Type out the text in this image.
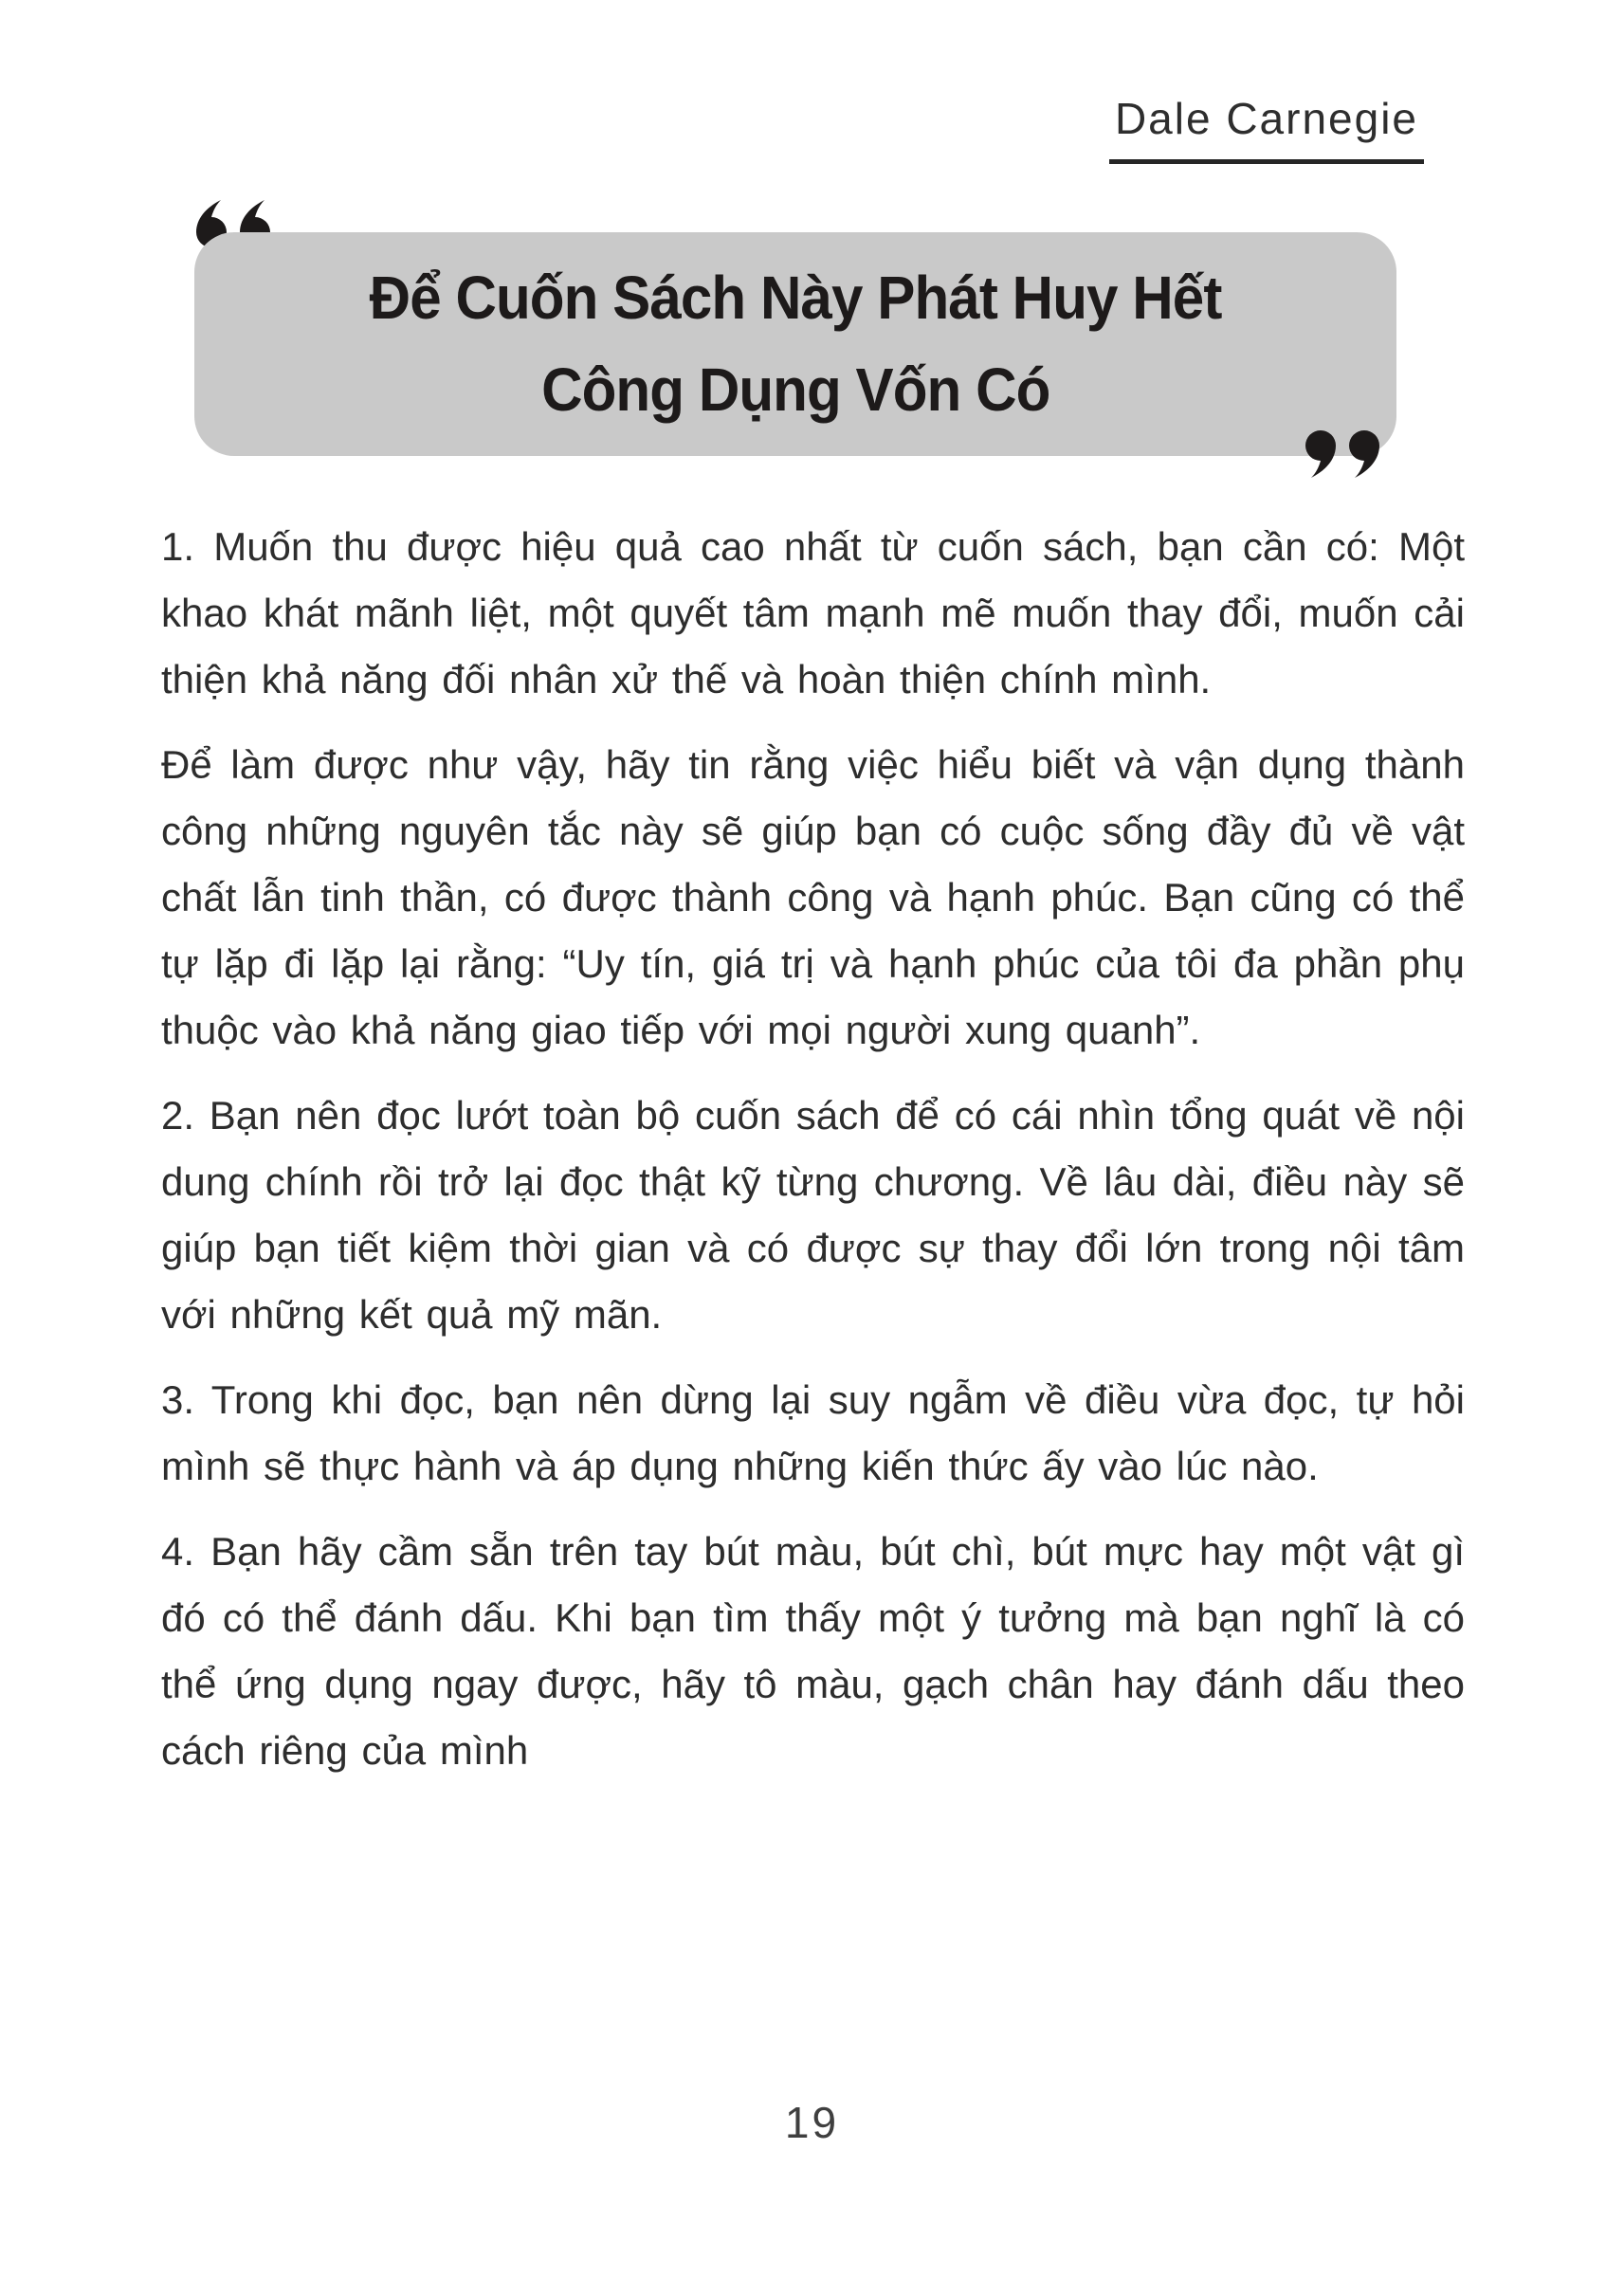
Dale Carnegie
Để Cuốn Sách Này Phát Huy Hết
Công Dụng Vốn Có

1. Muốn thu được hiệu quả cao nhất từ cuốn sách, bạn cần có: Một khao khát mãnh liệt, một quyết tâm mạnh mẽ muốn thay đổi, muốn cải thiện khả năng đối nhân xử thế và hoàn thiện chính mình.

Để làm được như vậy, hãy tin rằng việc hiểu biết và vận dụng thành công những nguyên tắc này sẽ giúp bạn có cuộc sống đầy đủ về vật chất lẫn tinh thần, có được thành công và hạnh phúc. Bạn cũng có thể tự lặp đi lặp lại rằng: “Uy tín, giá trị và hạnh phúc của tôi đa phần phụ thuộc vào khả năng giao tiếp với mọi người xung quanh”.

2. Bạn nên đọc lướt toàn bộ cuốn sách để có cái nhìn tổng quát về nội dung chính rồi trở lại đọc thật kỹ từng chương. Về lâu dài, điều này sẽ giúp bạn tiết kiệm thời gian và có được sự thay đổi lớn trong nội tâm với những kết quả mỹ mãn.

3. Trong khi đọc, bạn nên dừng lại suy ngẫm về điều vừa đọc, tự hỏi mình sẽ thực hành và áp dụng những kiến thức ấy vào lúc nào.

4. Bạn hãy cầm sẵn trên tay bút màu, bút chì, bút mực hay một vật gì đó có thể đánh dấu. Khi bạn tìm thấy một ý tưởng mà bạn nghĩ là có thể ứng dụng ngay được, hãy tô màu, gạch chân hay đánh dấu theo cách riêng của mình

19
